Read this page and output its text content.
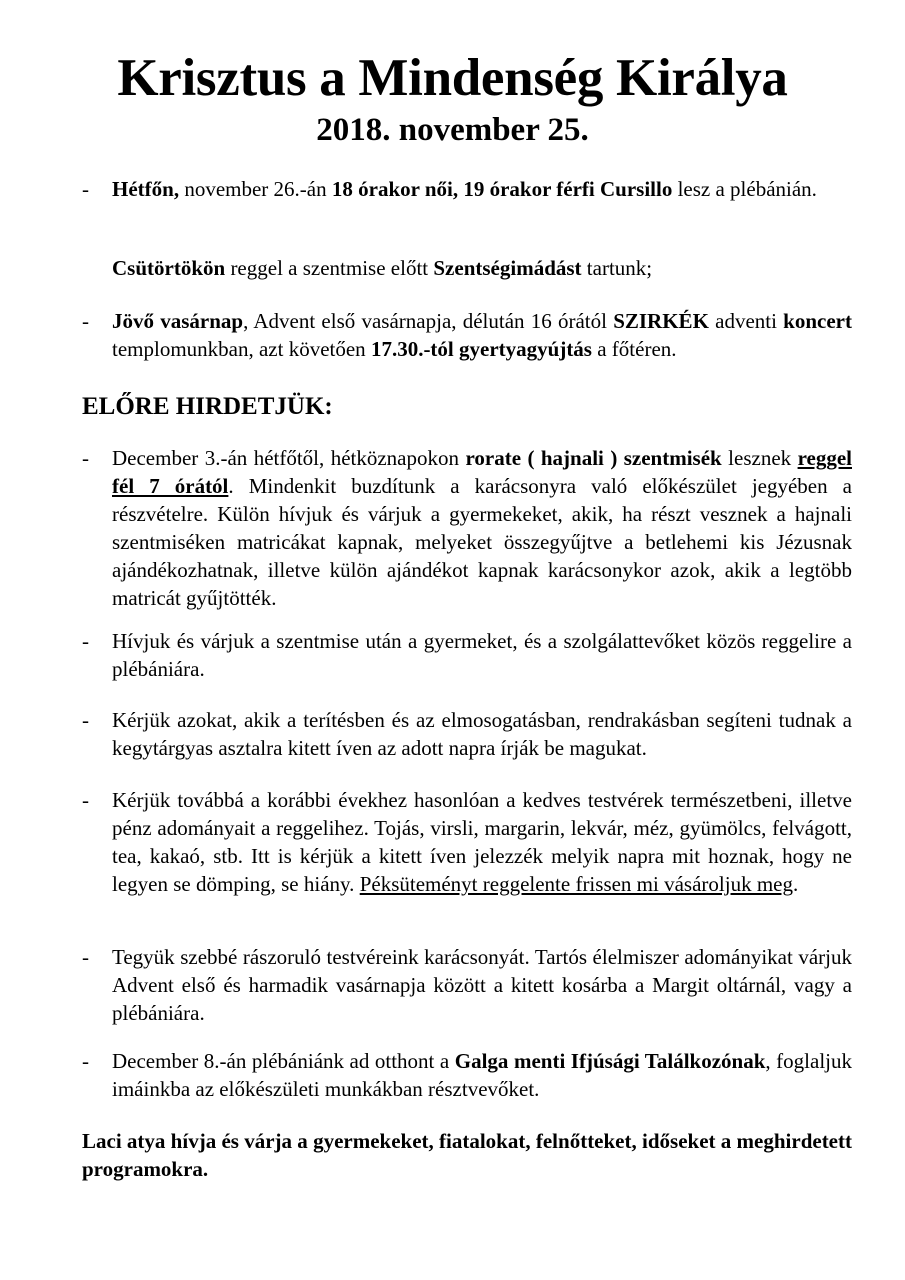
Krisztus a Mindenség Királya
2018. november 25.
- Hétfőn, november 26.-án 18 órakor női, 19 órakor férfi Cursillo lesz a plébánián.
Csütörtökön reggel a szentmise előtt Szentségimádást tartunk;
- Jövő vasárnap, Advent első vasárnapja, délután 16 órától SZIRKÉK adventi koncert templomunkban, azt követően 17.30.-tól gyertyagyújtás a főtéren.
ELŐRE HIRDETJÜK:
- December 3.-án hétfőtől, hétköznapokon rorate ( hajnali ) szentmisék lesznek reggel fél 7 órától. Mindenkit buzdítunk a karácsonyra való előkészület jegyében a részvételre. Külön hívjuk és várjuk a gyermekeket, akik, ha részt vesznek a hajnali szentmiséken matricákat kapnak, melyeket összegyűjtve a betlehemi kis Jézusnak ajándékozhatnak, illetve külön ajándékot kapnak karácsonykor azok, akik a legtöbb matricát gyűjtötték.
- Hívjuk és várjuk a szentmise után a gyermeket, és a szolgálattevőket közös reggelire a plébániára.
- Kérjük azokat, akik a terítésben és az elmosogatásban, rendrakásban segíteni tudnak a kegytárgyas asztalra kitett íven az adott napra írják be magukat.
- Kérjük továbbá a korábbi évekhez hasonlóan a kedves testvérek természetbeni, illetve pénz adományait a reggelihez. Tojás, virsli, margarin, lekvár, méz, gyümölcs, felvágott, tea, kakaó, stb. Itt is kérjük a kitett íven jelezzék melyik napra mit hoznak, hogy ne legyen se dömping, se hiány. Péksüteményt reggelente frissen mi vásároljuk meg.
- Tegyük szebbé rászoruló testvéreink karácsonyát. Tartós élelmiszer adományikat várjuk Advent első és harmadik vasárnapja között a kitett kosárba a Margit oltárnál, vagy a plébániára.
- December 8.-án plébániánk ad otthont a Galga menti Ifjúsági Találkozónak, foglaljuk imáinkba az előkészületi munkákban résztvevőket.
Laci atya hívja és várja a gyermekeket, fiatalokat, felnőtteket, időseket a meghirdetett programokra.
